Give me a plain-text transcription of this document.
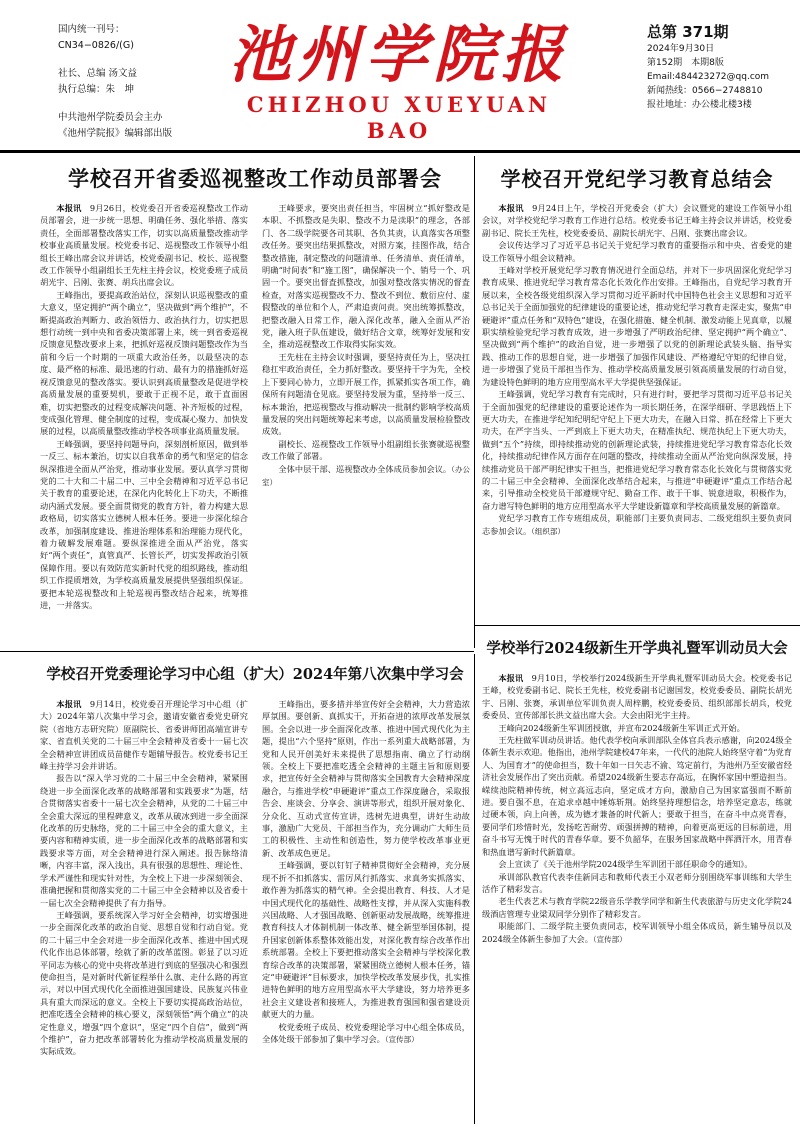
国内统一刊号：
CN34−0826/(G)
社长、总编 汤文益
执行总编：朱　坤
中共池州学院委员会主办
《池州学院报》编辑部出版
池州学院报
CHIZHOU XUEYUAN BAO
总第 371期
2024年9月30日
第152期　本期8版
Email:484423272@qq.com
新闻热线：0566−2748810
报社地址：办公楼北楼3楼
学校召开省委巡视整改工作动员部署会

本报讯　 9月26日，校党委召开省委巡视整改工作动员部署会，进一步统一思想、明确任务、强化举措、落实责任，全面部署整改落实工作，切实以高质量整改推动学校事业高质量发展。校党委书记、巡视整改工作领导小组组长王峰出席会议并讲话，校党委副书记、校长、巡视整改工作领导小组副组长王先柱主持会议，校党委班子成员胡光宇、吕刚、张赛、胡兵出席会议。

王峰指出，要提高政治站位，深刻认识巡视整改的重大意义，坚定拥护“两个确立”，坚决做到“两个维护”，不断提高政治判断力、政治领悟力、政治执行力，切实把思想行动统一到中央和省委决策部署上来，统一到省委巡视反馈意见整改要求上来，把抓好巡视反馈问题整改作为当前和今后一个时期的一项重大政治任务，以最坚决的态度、最严格的标准、最迅速的行动、最有力的措施抓好巡视反馈意见的整改落实。要认识到高质量整改是促进学校高质量发展的重要契机，要敢于正视不足，敢于直面困难，切实把整改的过程变成解决问题、补齐短板的过程，变成强化管理、健全制度的过程，变成凝心聚力、加快发展的过程，以高质量整改推动学校各项事业高质量发展。

王峰强调，要坚持问题导向，深刻剖析原因，做到举一反三、标本兼治，切实以自我革命的勇气和坚定的信念纵深推进全面从严治党，推动事业发展。要认真学习贯彻党的二十大和二十届二中、三中全会精神和习近平总书记关于教育的重要论述，在深化内化转化上下功夫，不断推动内涵式发展。要全面贯彻党的教育方针，着力构建大思政格局，切实落实立德树人根本任务。要进一步深化综合改革，加强制度建设、推进治理体系和治理能力现代化，着力破解发展难题。要纵深推进全面从严治党，落实好“两个责任”，真管真严、长管长严，切实发挥政治引领保障作用。要以有效防范实新时代党的组织路线，推动组织工作提质增效，为学校高质量发展提供坚强组织保证。要把本轮巡视整改和上轮巡视再整改结合起来，统筹推进，一并落实。

王峰要求，要突出责任担当，牢固树立“抓好整改是本职、不抓整改是失职、整改不力是渎职”的理念，各部门、各二级学院要各司其职、各负其责，认真落实各项整改任务。要突出结果抓整改，对照方案，挂图作战，结合整改措施，制定整改的问题清单、任务清单、责任清单，明确“时间表”和“施工图”，确保解决一个、销号一个、巩固一个。要突出督査抓整改，加强对整改落实情况的督査检查，对落实巡视整改不力、整改不到位、敷衍应付、虚假整改的单位和个人，严肃追责问责。突出统筹抓整改，把整改融入日常工作，融入深化改革，融入全面从严治党，融入班子队伍建设，做好结合文章，统筹好发展和安全，推动巡视整改工作取得实际实效。

王先柱在主持会议时强调，要坚持责任为上，坚决扛稳扛牢政治责任，全力抓好整改。要坚持干字为先，全校上下要同心协力，立即开展工作，抓紧抓实各项工作，确保所有问题清仓见底。要坚持发展为重，坚持举一反三、标本兼治，把巡视整改与推动解决一批制约影响学校高质量发展的突出问题统筹起来考虑，以高质量发展检验整改成效。

副校长、巡视整改工作领导小组副组长张赛就巡视整改工作做了部署。

全体中层干部、巡视整改办全体成员参加会议。（办公室）

学校召开党纪学习教育总结会

本报讯　 9月24日上午，学校召开党委会（扩大）会议暨党的建设工作领导小组会议，对学校党纪学习教育工作进行总结。校党委书记王峰主持会议并讲话，校党委副书记、院长王先柱，校党委委员、副院长胡光宇、吕刚、张赛出席会议。

会议传达学习了习近平总书记关于党纪学习教育的重要指示和中央、省委党的建设工作领导小组会议精神。

王峰对学校开展党纪学习教育情况进行全面总结，并对下一步巩固深化党纪学习教育成果、推进党纪学习教育常态化长效化作出安排。王峰指出，自党纪学习教育开展以来，全校各级党组织深入学习贯彻习近平新时代中国特色社会主义思想和习近平总书记关于全面加强党的纪律建设的重要论述，推动党纪学习教育走深走实，聚焦“申硬避评”重点任务和“双特色”建设，在强化措施、健全机制、激发动能上见真章，以履职实绩检验党纪学习教育成效，进一步增强了严明政治纪律、坚定拥护“两个确立”、坚决做到“两个维护”的政治自觉，进一步增强了以党的创新理论武装头脑、指导实践、推动工作的思想自觉，进一步增强了加强作风建设、严格遵纪守矩的纪律自觉，进一步增强了党员干部担当作为、推动学校高质量发展引领高质量发展的行动自觉，为建设特色鲜明的地方应用型高水平大学提供坚强保证。

王峰强调，党纪学习教育有完成时，只有进行时，要把学习贯彻习近平总书记关于全面加强党的纪律建设的重要论述作为一项长期任务，在深学细研、学思践悟上下更大功夫，在推进学纪知纪明纪守纪上下更大功夫，在融入日常、抓在经常上下更大功夫，在严字当头、一严到底上下更大功夫，在精准执纪、规范执纪上下更大功夫，做到“五个”持续，即持续推动党的创新理论武装，持续推进党纪学习教育常态化长效化，持续推动纪律作风方面存在问题的整改，持续推动全面从严治党向纵深发展，持续推动党员干部严明纪律实干担当，把推进党纪学习教育常态化长效化与贯彻落实党的二十届三中全会精神、全面深化改革结合起来，与推进“申硬避评”重点工作结合起来，引导推动全校党员干部遵规守纪、勤奋工作、敢于干事、锐意进取，积极作为，奋力谱写特色鲜明的地方应用型高水平大学建设新篇章和学校高质量发展的新篇章。

党纪学习教育工作专班组成员，职能部门主要负责同志、二级党组织主要负责同志参加会议。（组织部）

学校召开党委理论学习中心组（扩大）2024年第八次集中学习会

本报讯　 9月14日，校党委召开理论学习中心组（扩大）2024年第八次集中学习会，邀请安徽省委党史研究院（省地方志研究院）原副院长、省委讲师团高端宣讲专家、省直机关党的二十届三中全会精神及省委十一届七次全会精神宣讲团成员苗健作专题辅导报告。校党委书记王峰主持学习会并讲话。

报告以“深入学习党的二十届三中全会精神，紧紧围绕进一步全面深化改革的战略部署和实践要求”为题，结合贯彻落实省委十一届七次全会精神，从党的二十届三中全会重大深远的里程碑意义，改革从破冰到进一步全面深化改革的历史脉络，党的二十届三中全会的重大意义，主要内容和精神实质，进一步全面深化改革的战略部署和实践要求等方面，对全会精神进行深入阐述。报告脉络清晰，内容丰富，深入浅出，具有很强的思想性、理论性、学术严谨性和现实针对性，为全校上下进一步深刻领会、准确把握和贯彻落实党的二十届三中全会精神以及省委十一届七次全会精神提供了有力指导。

王峰强调，要系统深入学习好全会精神，切实增强进一步全面深化改革的政治自觉、思想自觉和行动自觉。党的二十届三中全会对进一步全面深化改革、推进中国式现代化作出总体部署，绘就了新的改革蓝图。彰显了以习近平同志为核心的党中央将改革进行到底的坚强决心和强烈使命担当，是对新时代新征程举什么旗、走什么路的再宣示，对以中国式现代化全面推进强国建设、民族复兴伟业具有重大而深远的意义。全校上下要切实提高政治站位，把准吃透全会精神的核心要义，深刻领悟“两个确立”的决定性意义，增强“四个意识”，坚定“四个自信”，做到“两个维护”，奋力把改革部署转化为推动学校高质量发展的实际成效。

王峰指出，要多措并举宣传好全会精神，大力营造浓厚氛围。要创新、真抓实干，开拓奋进的浓厚改革发展氛围。全会以进一步全面深化改革、推进中国式现代化为主题，提出“六个坚持”原则，作出一系列重大战略部署，为党和人民开创美好未来提供了思想指南、确立了行动纲领。全校上下要把准吃透全会精神的主题主旨和原则要求，把宣传好全会精神与贯彻落实全国教育大会精神深度融合，与推进学校“申硬避评”重点工作深度融合，采取报告会、座谈会、分享会、演讲等形式，组织开展对象化、分众化、互动式宣传宣讲，选树先进典型，讲好生动故事，激励广大党员、干部担当作为，充分调动广大师生员工的积极性、主动性和创造性，努力使学校改革事业更新、改革成色更足。

王峰强调，要以钉钉子精神贯彻好全会精神，充分展现不折不扣抓落实、雷厉风行抓落实、求真务实抓落实、敢作善为抓落实的精气神。全会提出教育、科技、人才是中国式现代化的基础性、战略性支撑，并从深入实施科教兴国战略、人才强国战略、创新驱动发展战略，统筹推进教育科技人才体制机制一体改革、健全新型举国体制，提升国家创新体系整体效能出发，对深化教育综合改革作出系统部署。全校上下要把推动落实全会精神与学校深化教育综合改革的决策部署，紧紧围绕立德树人根本任务，锚定“申硬避评”目标要求，加快学校改革发展步伐，扎实推进特色鲜明的地方应用型高水平大学建设，努力培养更多社会主义建设者和接班人，为推进教育强国和强省建设贡献更大的力量。

校党委班子成员、校党委理论学习中心组全体成员，全体处级干部参加了集中学习会。（宣传部）

学校举行2024级新生开学典礼暨军训动员大会

本报讯　 9月10日，学校举行2024级新生开学典礼暨军训动员大会。校党委书记王峰，校党委副书记、院长王先柱，校党委副书记谢国发，校党委委员、副院长胡光宇、吕刚、张赛，承训单位军训负责人周梓鹏，校党委委员、组织部部长胡兵，校党委委员、宣传部部长洪文益出席大会。大会由阳光宇主持。

王峰向2024级新生军训团授旗，并宣布2024级新生军训正式开始。

王先柱做军训动员讲话。他代表学校向承训部队全体官兵表示感谢，向2024级全体新生表示欢迎。他指出，池州学院建校47年来，一代代的池院人始终坚守着“为党育人、为国育才”的使命担当，数十年如一日矢志不渝、笃定前行，为池州乃至安徽省经济社会发展作出了突出贡献。希望2024级新生要志存高远，在胸怀家国中塑造担当。嵘续池院精神传统，树立高远志向，坚定成才方向，激励自己为国家富强而不断前进。要自强不息，在追求卓越中锤炼斩荆。始终坚持理想信念，培养坚定意志，练就过硬本领，向上向善，成为德才兼备的时代新人；要敢于担当，在奋斗中点亮青春，要同学们珍惜时光，发扬吃苦耐劳、顽强拼搏的精神，向着更高更远的目标前进，用奋斗书写无愧于时代的青春华章。要不负韶华，在服务国家战略中挥洒汗水，用青春和热血谱写新时代新篇章。

会上宣读了《关于池州学院2024级学生军训团干部任职命令的通知》。

承训部队教官代表李佳新同志和教师代表王小双老师分别围绕军事训练和大学生活作了精彩发言。

老生代表艺术与教育学院22级音乐学教学同学和新生代表旅游与历史文化学院24级酒店管理专业梁双同学分别作了精彩发言。

职能部门、二级学院主要负责同志，校军训领导小组全体成员，新生辅导员以及2024级全体新生参加了大会。（宣传部）
